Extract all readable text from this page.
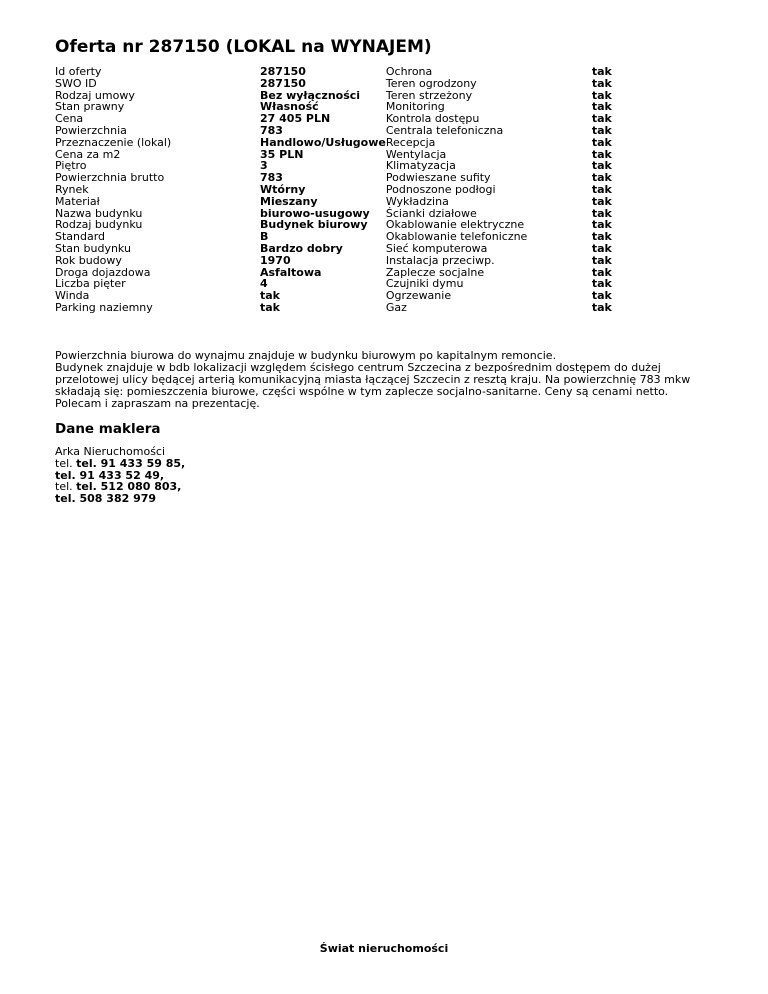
Oferta nr 287150 (LOKAL na WYNAJEM)
Id oferty	287150	Ochrona	tak
SWO ID	287150	Teren ogrodzony	tak
Rodzaj umowy	Bez wyłączności	Teren strzeżony	tak
Stan prawny	Własność	Monitoring	tak
Cena	27 405 PLN	Kontrola dostępu	tak
Powierzchnia	783	Centrala telefoniczna	tak
Przeznaczenie (lokal)	Handlowo/Usługowe	Recepcja	tak
Cena za m2	35 PLN	Wentylacja	tak
Piętro	3	Klimatyzacja	tak
Powierzchnia brutto	783	Podwieszane sufity	tak
Rynek	Wtórny	Podnoszone podłogi	tak
Materiał	Mieszany	Wykładzina	tak
Nazwa budynku	biurowo-usugowy	Ścianki działowe	tak
Rodzaj budynku	Budynek biurowy	Okablowanie elektryczne	tak
Standard	B	Okablowanie telefoniczne	tak
Stan budynku	Bardzo dobry	Sieć komputerowa	tak
Rok budowy	1970	Instalacja przeciwp.	tak
Droga dojazdowa	Asfaltowa	Zaplecze socjalne	tak
Liczba pięter	4	Czujniki dymu	tak
Winda	tak	Ogrzewanie	tak
Parking naziemny	tak	Gaz	tak

Powierzchnia biurowa do wynajmu znajduje w budynku biurowym po kapitalnym remoncie.

Budynek znajduje w bdb lokalizacji względem ścisłego centrum Szczecina z bezpośrednim dostępem do dużej przelotowej ulicy będącej arterią komunikacyjną miasta łączącej Szczecin z resztą kraju. Na powierzchnię 783 mkw składają się: pomieszczenia biurowe, części wspólne w tym zaplecze socjalno-sanitarne. Ceny są cenami netto. Polecam i zapraszam na prezentację.

Dane maklera
Arka Nieruchomości
tel. tel. 91 433 59 85,
tel. 91 433 52 49,
tel. tel. 512 080 803,
tel. 508 382 979
Świat nieruchomości
